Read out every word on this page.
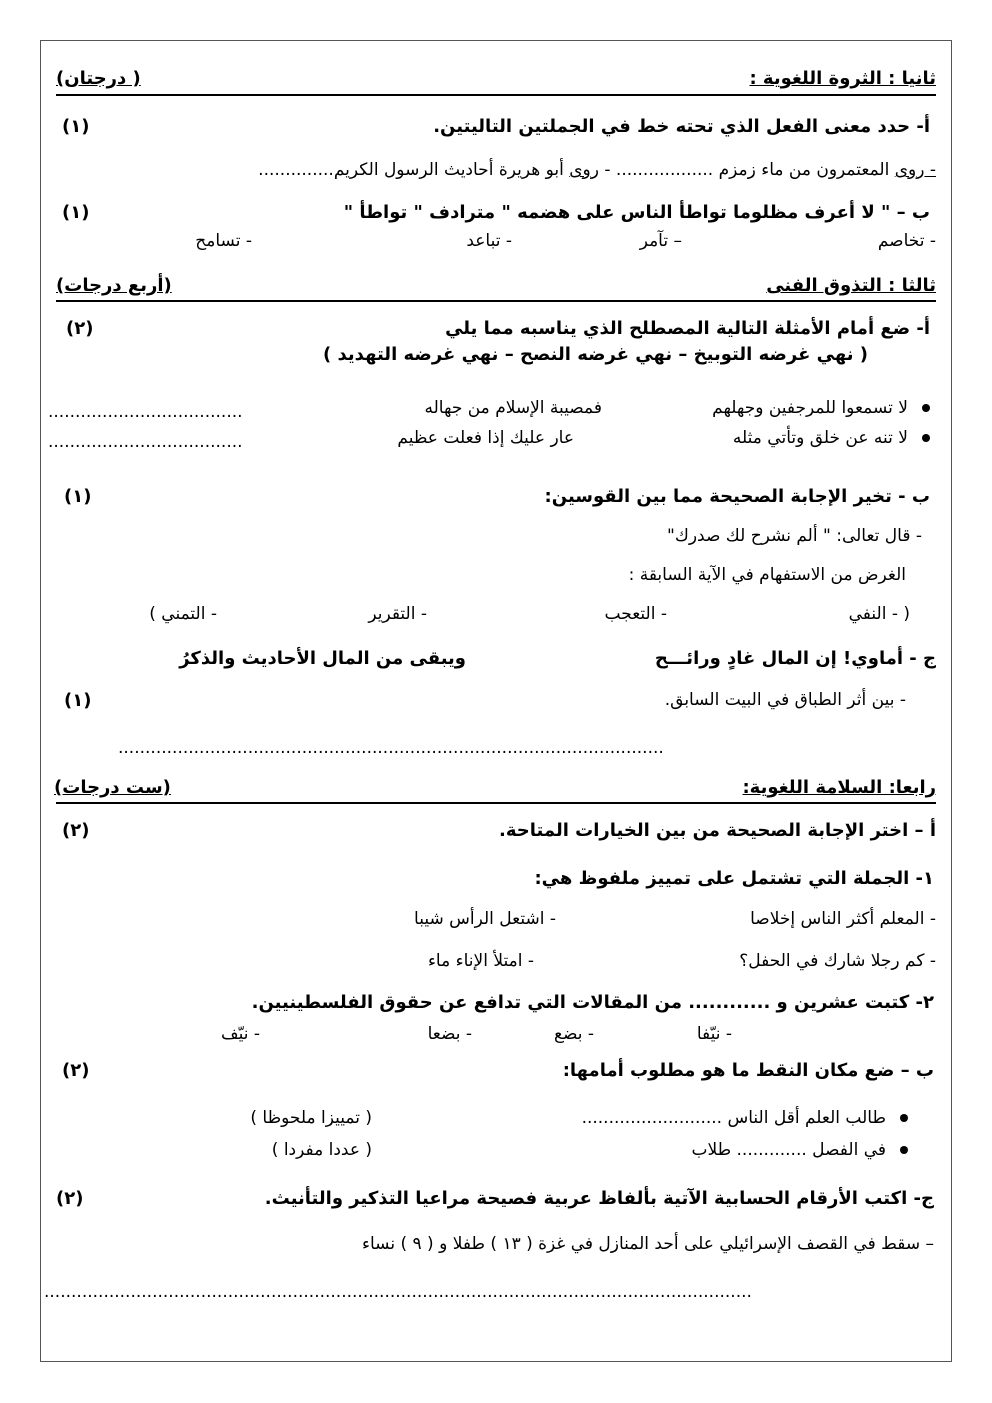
ثانيا : الثروة اللغوية :
( درجتان)
أ- حدد معنى الفعل الذي تحته خط في الجملتين التاليتين.
(١)
- روى المعتمرون من ماء زمزم .................. - روى أبو هريرة أحاديث الرسول الكريم..............
ب – " لا أعرف مظلوما تواطأ الناس على هضمه " مترادف " تواطأ "
(١)
- تخاصم
– تآمر
- تباعد
- تسامح
ثالثا : التذوق الفنى
(أربع درجات)
أ- ضع أمام الأمثلة التالية المصطلح الذي يناسبه مما يلي
(٢)
( نهي غرضه التوبيخ – نهي غرضه النصح – نهي غرضه التهديد )
لا تسمعوا للمرجفين وجهلهم
فمصيبة الإسلام من جهاله
....................................
لا تنه عن خلق وتأتي مثله
عار عليك إذا فعلت عظيم
....................................
ب - تخير الإجابة الصحيحة مما بين القوسين:
(١)
- قال تعالى: " ألم نشرح لك صدرك"
الغرض من الاستفهام في الآية السابقة :
( - النفي
- التعجب
- التقرير
- التمني )
ج - أماوي! إن المال غادٍ ورائـــح
ويبقى من المال الأحاديث والذكرُ
- بين أثر الطباق في البيت السابق.
(١)
.....................................................................................................
رابعا: السلامة اللغوية:
(ست درجات)
أ – اختر الإجابة الصحيحة من بين الخيارات المتاحة.
(٢)
١- الجملة التي تشتمل على تمييز ملفوظ هي:
- المعلم أكثر الناس إخلاصا
- اشتعل الرأس شيبا
- كم رجلا شارك في الحفل؟
- امتلأ الإناء ماء
٢- كتبت عشرين و ............ من المقالات التي تدافع عن حقوق الفلسطينيين.
- نيّفا
- بضع
- بضعا
- نيّف
ب – ضع مكان النقط ما هو مطلوب أمامها:
(٢)
طالب العلم أقل الناس ..........................
( تمييزا ملحوظا )
في الفصل ............. طلاب
( عددا مفردا )
ج- اكتب الأرقام الحسابية الآتية بألفاظ عربية فصيحة مراعيا التذكير والتأنيث.
(٢)
– سقط في القصف الإسرائيلي على أحد المنازل في غزة ( ١٣ ) طفلا و ( ٩ ) نساء
...................................................................................................................................
